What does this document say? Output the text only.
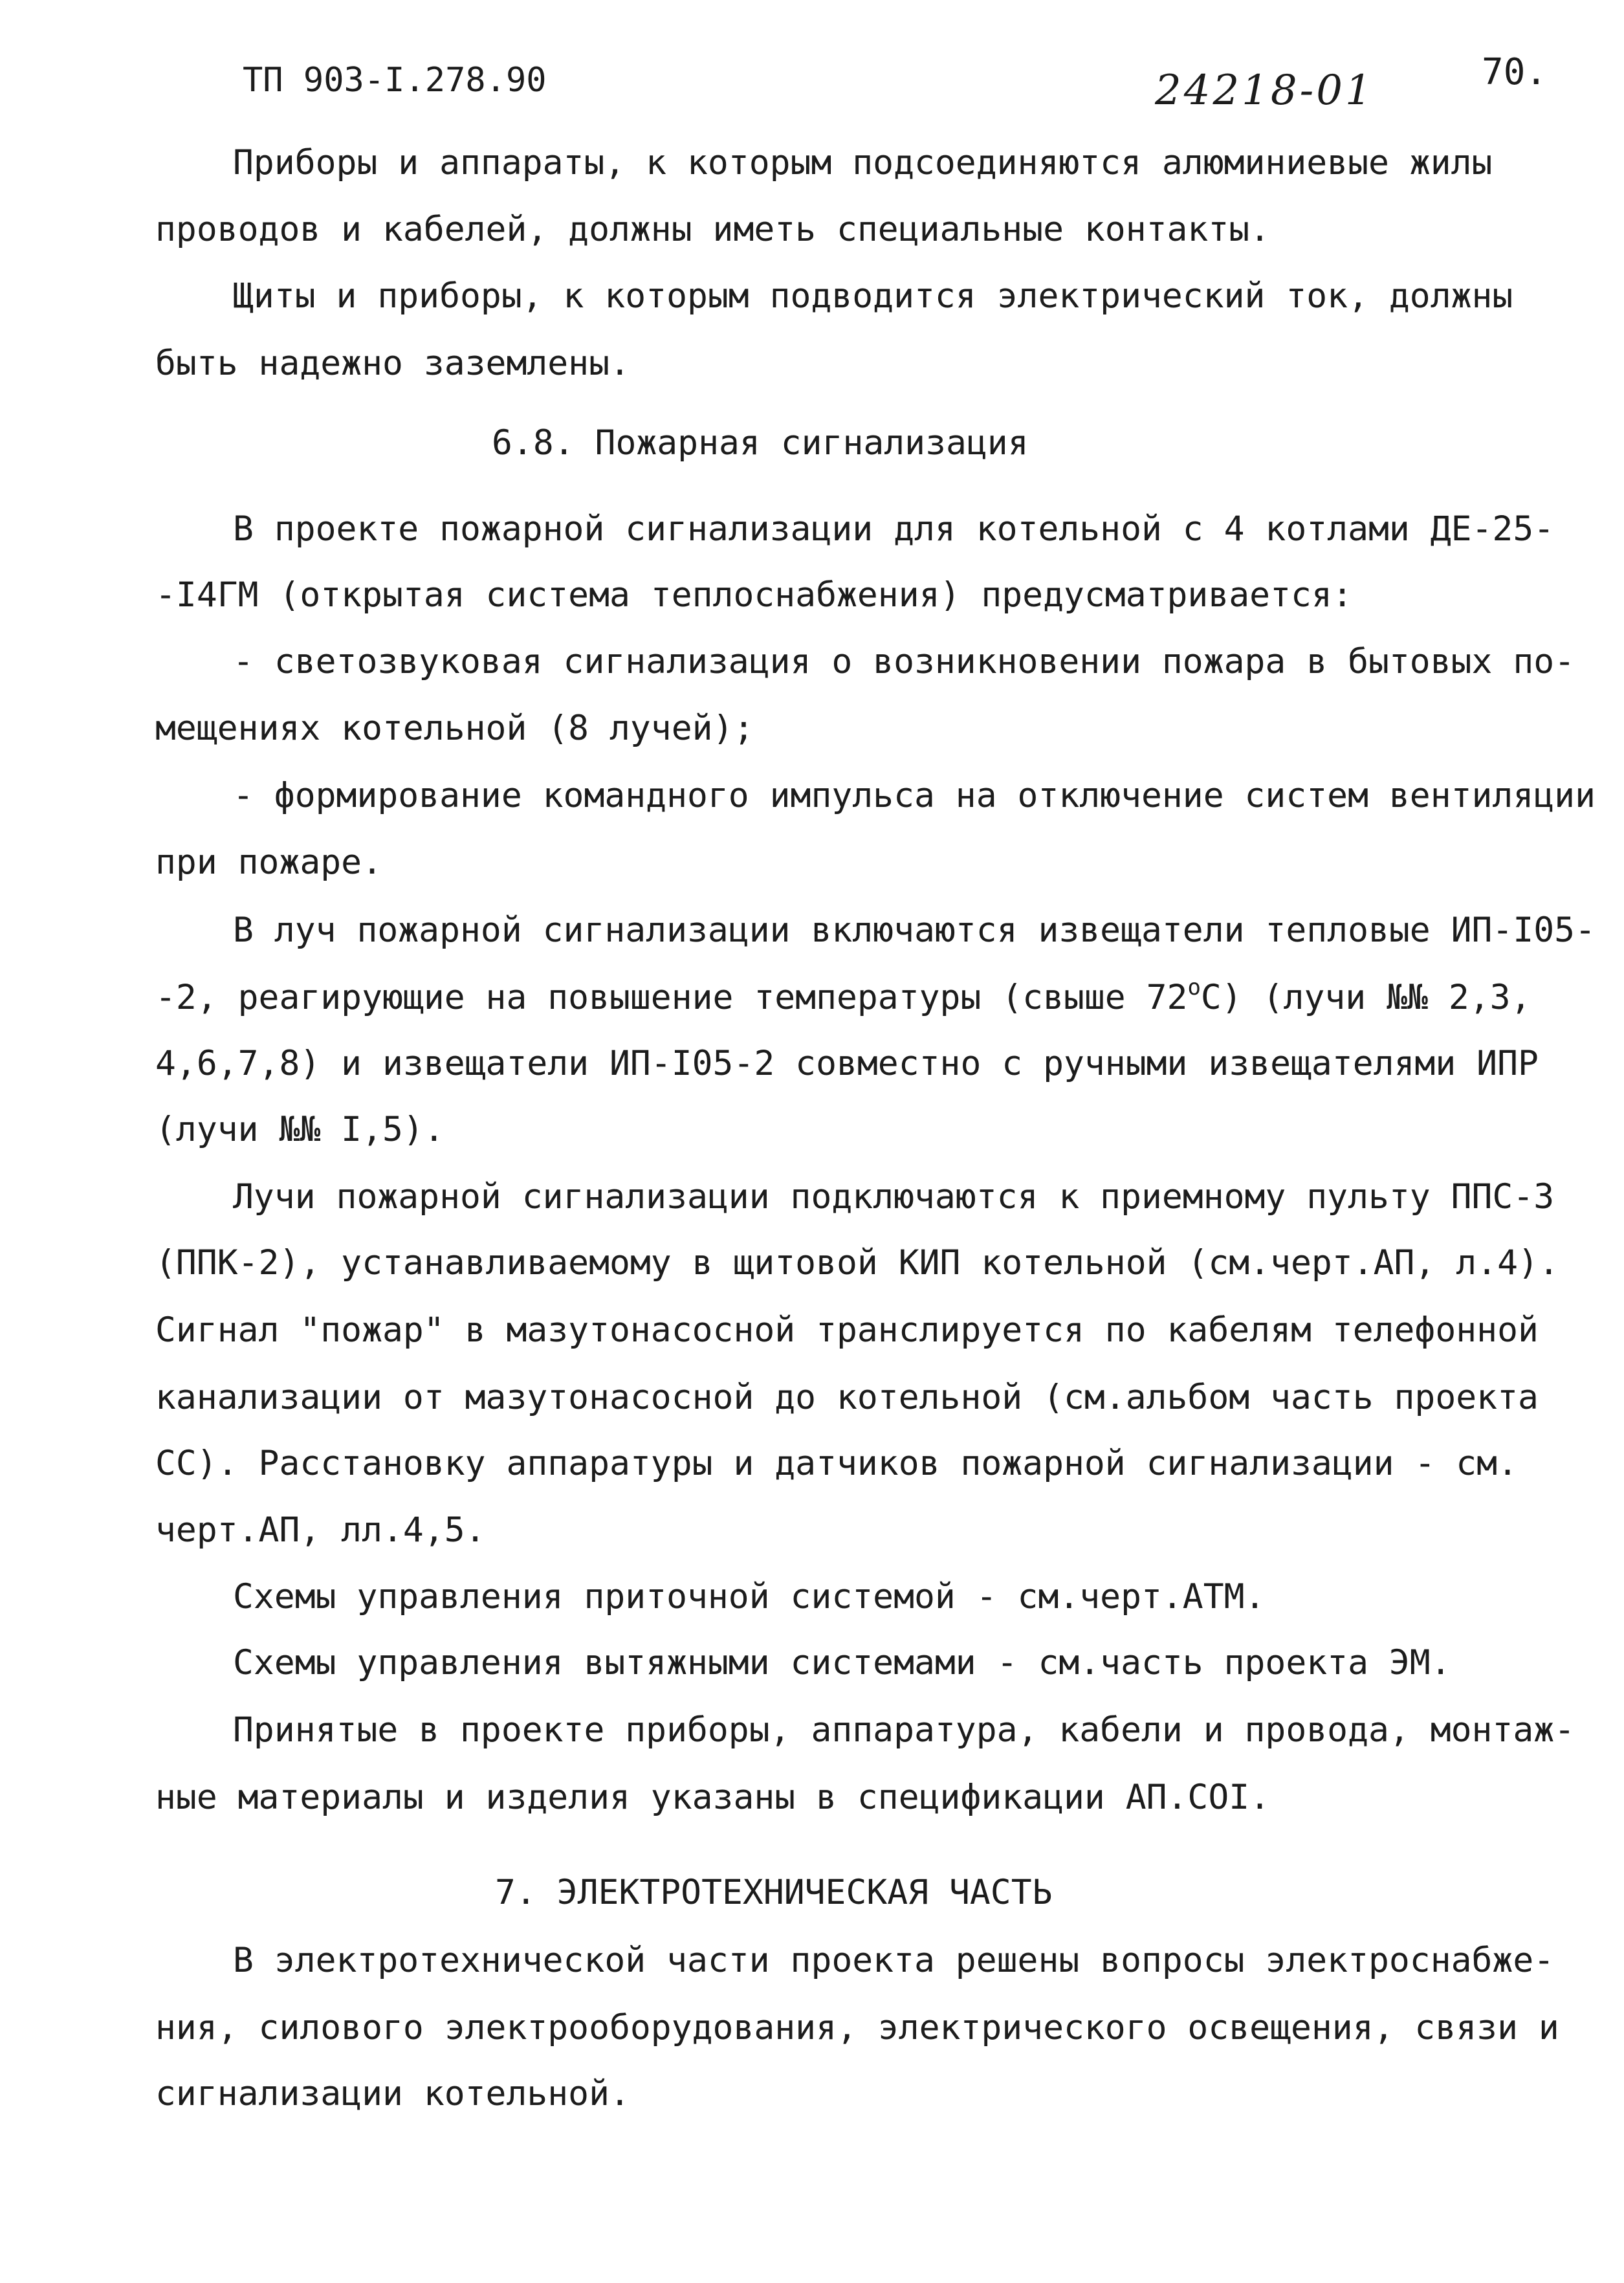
ТП 903-I.278.90	24218-01	70.
Приборы и аппараты, к которым подсоединяются алюминиевые жилы
проводов и кабелей, должны иметь специальные контакты.
Щиты и приборы, к которым подводится электрический ток, должны
быть надежно заземлены.
6.8. Пожарная сигнализация
В проекте пожарной сигнализации для котельной с 4 котлами ДЕ-25-
-I4ГМ (открытая система теплоснабжения) предусматривается:
- светозвуковая сигнализация о возникновении пожара в бытовых по-
мещениях котельной (8 лучей);
- формирование командного импульса на отключение систем вентиляции
при пожаре.
В луч пожарной сигнализации включаются извещатели тепловые ИП-I05-
-2, реагирующие на повышение температуры (свыше $72^оС$) (лучи №№ 2,3,
4,6,7,8) и извещатели ИП-I05-2 совместно с ручными извещателями ИПР
(лучи №№ I,5).
Лучи пожарной сигнализации подключаются к приемному пульту ППС-3
(ППК-2), устанавливаемому в щитовой КИП котельной (см.черт.АП, л.4).
Сигнал "пожар" в мазутонасосной транслируется по кабелям телефонной
канализации от мазутонасосной до котельной (см.альбом часть проекта
СС). Расстановку аппаратуры и датчиков пожарной сигнализации - см.
черт.АП, лл.4,5.
Схемы управления приточной системой - см.черт.АТМ.
Схемы управления вытяжными системами - см.часть проекта ЭМ.
Принятые в проекте приборы, аппаратура, кабели и провода, монтаж-
ные материалы и изделия указаны в спецификации АП.СОI.
7. ЭЛЕКТРОТЕХНИЧЕСКАЯ ЧАСТЬ
В электротехнической части проекта решены вопросы электроснабже-
ния, силового электрооборудования, электрического освещения, связи и
сигнализации котельной.
